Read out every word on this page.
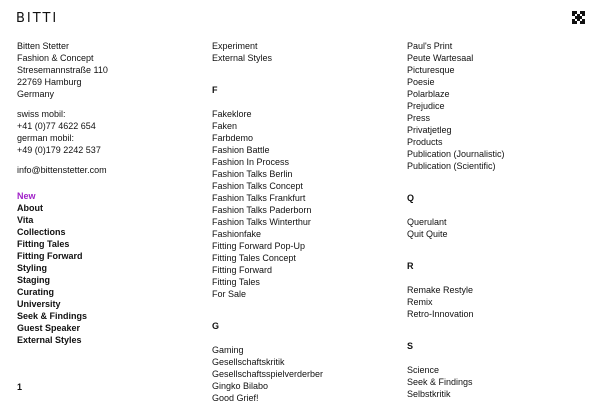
BITTI
Bitten Stetter
Fashion & Concept
Stresemannstraße 110
22769 Hamburg
Germany
swiss mobil:
+41 (0)77 4622 654
german mobil:
+49 (0)179 2242 537
info@bittenstetter.com
New
About
Vita
Collections
Fitting Tales
Fitting Forward
Styling
Staging
Curating
University
Seek & Findings
Guest Speaker
External Styles
1
Experiment
External Styles
F
Fakeklore
Faken
Farbdemo
Fashion Battle
Fashion In Process
Fashion Talks Berlin
Fashion Talks Concept
Fashion Talks Frankfurt
Fashion Talks Paderborn
Fashion Talks Winterthur
Fashionfake
Fitting Forward Pop-Up
Fitting Tales Concept
Fitting Forward
Fitting Tales
For Sale
G
Gaming
Gesellschaftskritik
Gesellschaftsspielverderber
Gingko Bilabo
Good Grief!
Paul's Print
Peute Wartesaal
Picturesque
Poesie
Polarblaze
Prejudice
Press
Privatjetleg
Products
Publication (Journalistic)
Publication (Scientific)
Q
Querulant
Quit Quite
R
Remake Restyle
Remix
Retro-Innovation
S
Science
Seek & Findings
Selbstkritik
